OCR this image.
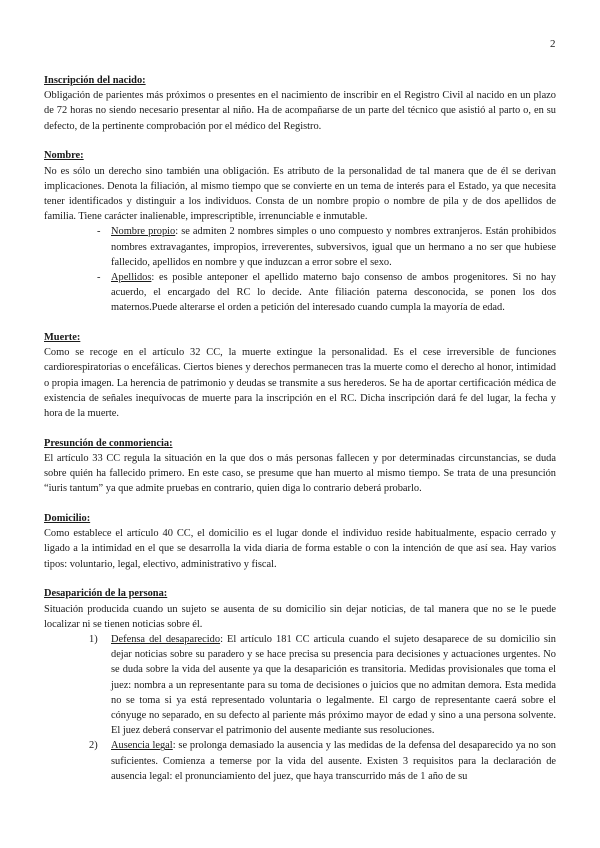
2
Inscripción del nacido:

Obligación de parientes más próximos o presentes en el nacimiento de inscribir en el Registro Civil al nacido en un plazo de 72 horas no siendo necesario presentar al niño. Ha de acompañarse de un parte del técnico que asistió al parto o, en su defecto, de la pertinente comprobación por el médico del Registro.

Nombre:

No es sólo un derecho sino también una obligación. Es atributo de la personalidad de tal manera que de él se derivan implicaciones. Denota la filiación, al mismo tiempo que se convierte en un tema de interés para el Estado, ya que necesita tener identificados y distinguir a los individuos. Consta de un nombre propio o nombre de pila y de dos apellidos de familia. Tiene carácter inalienable, imprescriptible, irrenunciable e inmutable.

- Nombre propio: se admiten 2 nombres simples o uno compuesto y nombres extranjeros. Están prohibidos nombres extravagantes, impropios, irreverentes, subversivos, igual que un hermano a no ser que hubiese fallecido, apellidos en nombre y que induzcan a error sobre el sexo.
- Apellidos: es posible anteponer el apellido materno bajo consenso de ambos progenitores. Si no hay acuerdo, el encargado del RC lo decide. Ante filiación paterna desconocida, se ponen los dos maternos.Puede alterarse el orden a petición del interesado cuando cumpla la mayoría de edad.
Muerte:

Como se recoge en el artículo 32 CC, la muerte extingue la personalidad. Es el cese irreversible de funciones cardiorespiratorias o encefálicas. Ciertos bienes y derechos permanecen tras la muerte como el derecho al honor, intimidad o propia imagen. La herencia de patrimonio y deudas se transmite a sus herederos. Se ha de aportar certificación médica de existencia de señales inequívocas de muerte para la inscripción en el RC. Dicha inscripción dará fe del lugar, la fecha y hora de la muerte.

Presunción de conmoriencia:

El artículo 33 CC regula la situación en la que dos o más personas fallecen y por determinadas circunstancias, se duda sobre quién ha fallecido primero. En este caso, se presume que han muerto al mismo tiempo. Se trata de una presunción “iuris tantum” ya que admite pruebas en contrario, quien diga lo contrario deberá probarlo.

Domicilio:

Como establece el artículo 40 CC, el domicilio es el lugar donde el individuo reside habitualmente, espacio cerrado y ligado a la intimidad en el que se desarrolla la vida diaria de forma estable o con la intención de que así sea. Hay varios tipos: voluntario, legal, electivo, administrativo y fiscal.

Desaparición de la persona:

Situación producida cuando un sujeto se ausenta de su domicilio sin dejar noticias, de tal manera que no se le puede localizar ni se tienen noticias sobre él.

1) Defensa del desaparecido: El artículo 181 CC articula cuando el sujeto desaparece de su domicilio sin dejar noticias sobre su paradero y se hace precisa su presencia para decisiones y actuaciones urgentes. No se duda sobre la vida del ausente ya que la desaparición es transitoria. Medidas provisionales que toma el juez: nombra a un representante para su toma de decisiones o juicios que no admitan demora. Esta medida no se toma si ya está representado voluntaria o legalmente. El cargo de representante caerá sobre el cónyuge no separado, en su defecto al pariente más próximo mayor de edad y sino a una persona solvente. El juez deberá conservar el patrimonio del ausente mediante sus resoluciones.
2) Ausencia legal: se prolonga demasiado la ausencia y las medidas de la defensa del desaparecido ya no son suficientes. Comienza a temerse por la vida del ausente. Existen 3 requisitos para la declaración de ausencia legal: el pronunciamiento del juez, que haya transcurrido más de 1 año de su
